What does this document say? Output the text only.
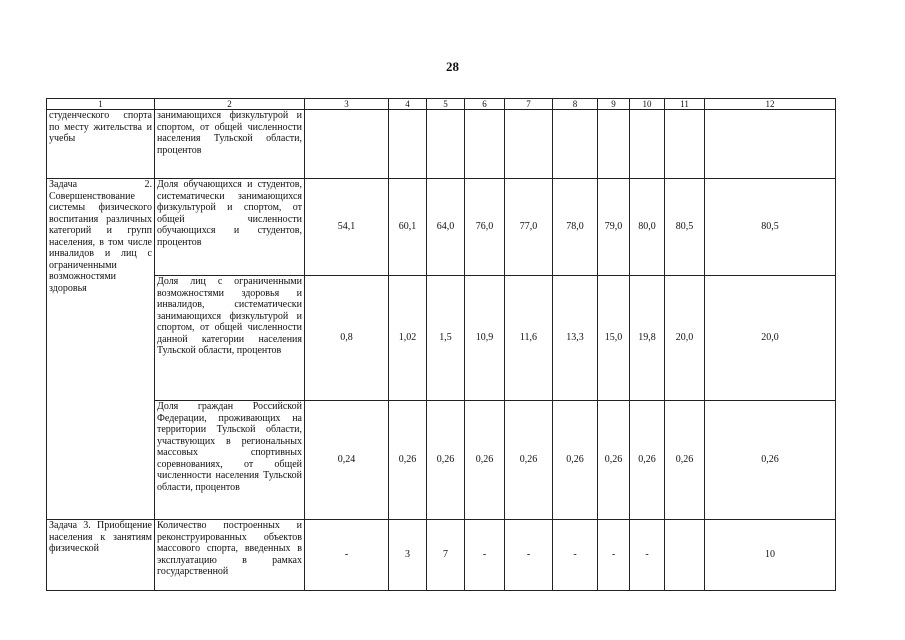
28
1	2	3	4	5	6	7	8	9	10	11	12
студенческого спорта по месту жительства и учебы	занимающихся физкультурой и спортом, от общей численности населения Тульской области, процентов										
Задача 2. Совершенствование системы физического воспитания различных категорий и групп населения, в том числе инвалидов и лиц с ограниченными возможностями здоровья	Доля обучающихся и студентов, систематически занимающихся физкультурой и спортом, от общей численности обучающихся и студентов, процентов	54,1	60,1	64,0	76,0	77,0	78,0	79,0	80,0	80,5	80,5
	Доля лиц с ограниченными возможностями здоровья и инвалидов, систематически занимающихся физкультурой и спортом, от общей численности данной категории населения Тульской области, процентов	0,8	1,02	1,5	10,9	11,6	13,3	15,0	19,8	20,0	20,0
	Доля граждан Российской Федерации, проживающих на территории Тульской области, участвующих в региональных массовых спортивных соревнованиях, от общей численности населения Тульской области, процентов	0,24	0,26	0,26	0,26	0,26	0,26	0,26	0,26	0,26	0,26
Задача 3. Приобщение населения к занятиям физической	Количество построенных и реконструированных объектов массового спорта, введенных в эксплуатацию в рамках государственной	-	3	7	-	-	-	-	-		10
